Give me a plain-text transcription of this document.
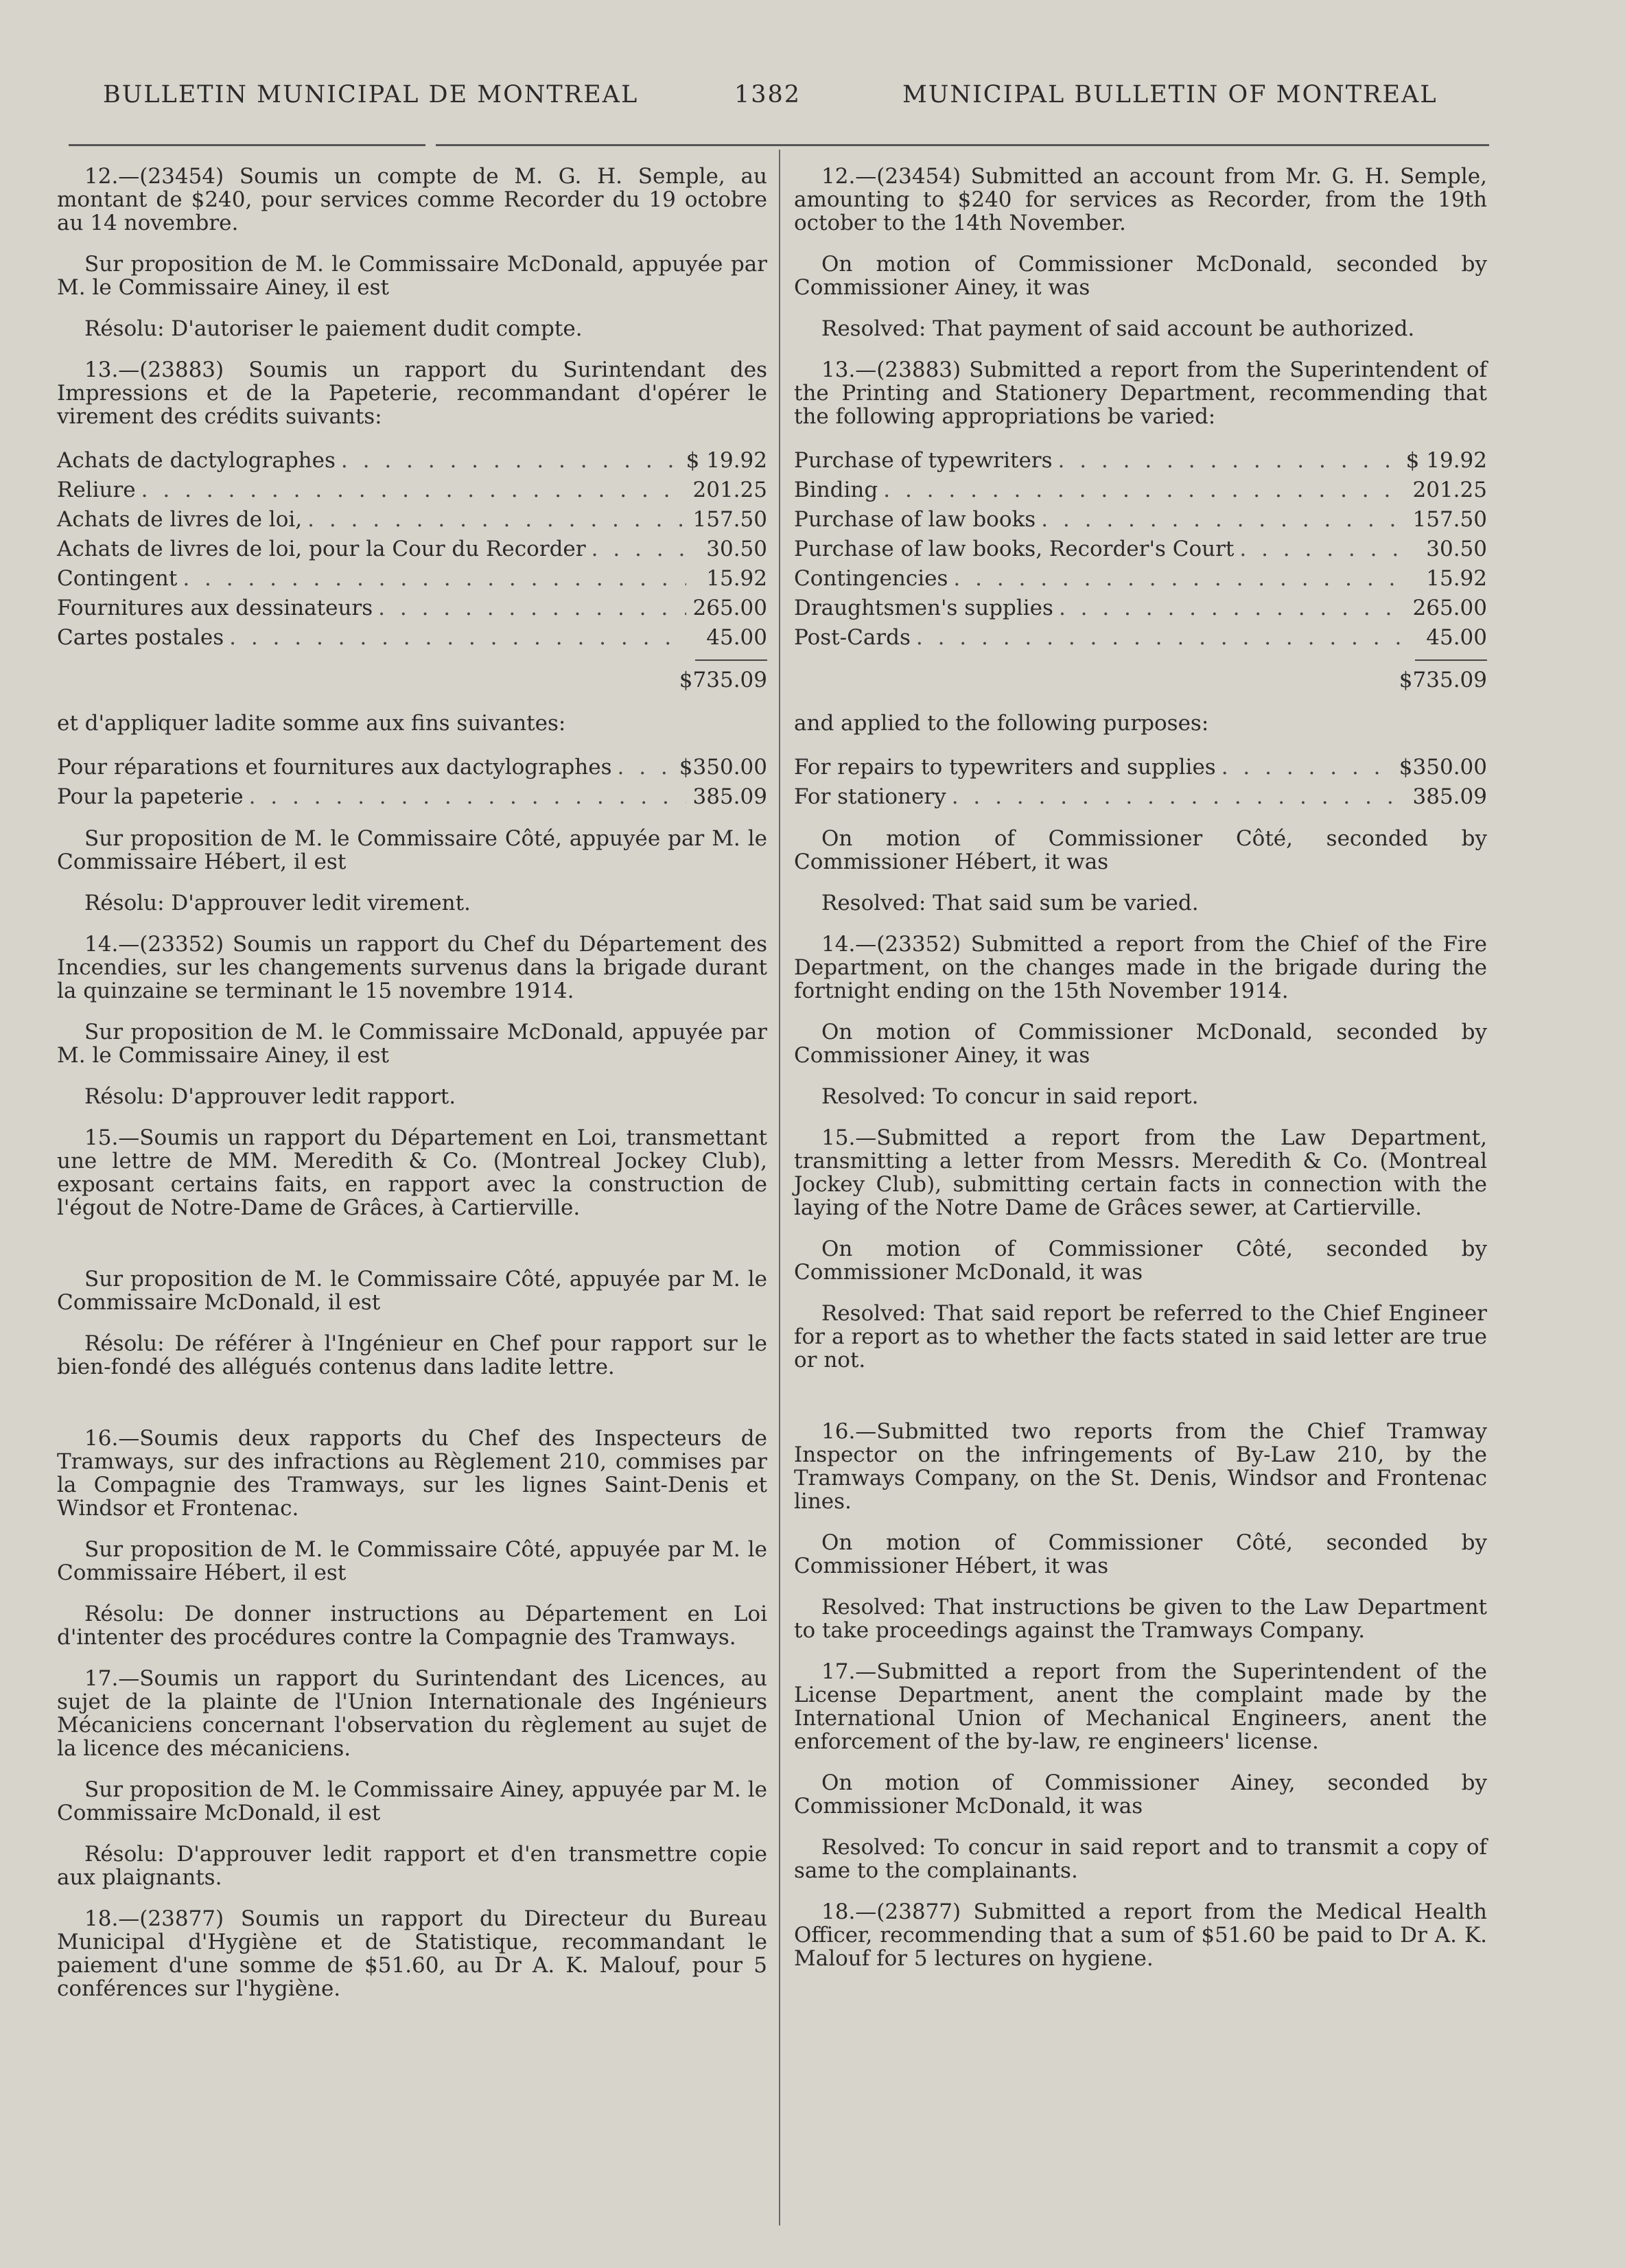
BULLETIN MUNICIPAL DE MONTREAL	1382	MUNICIPAL BULLETIN OF MONTREAL

12.—(23454) Soumis un compte de M. G. H. Semple, au montant de $240, pour services comme Recorder du 19 octobre au 14 novembre.

Sur proposition de M. le Commissaire McDonald, appuyée par M. le Commissaire Ainey, il est

Résolu: D'autoriser le paiement dudit compte.

13.—(23883) Soumis un rapport du Surintendant des Impressions et de la Papeterie, recommandant d'opérer le virement des crédits suivants:

Achats de dactylographes . . .	$ 19.92
Reliure . . .	201.25
Achats de livres de loi, . . .	157.50
Achats de livres de loi, pour la Cour du Recorder . . .	30.50
Contingent . . .	15.92
Fournitures aux dessinateurs . . .	265.00
Cartes postales . . .	45.00
$735.09

et d'appliquer ladite somme aux fins suivantes:

Pour réparations et fournitures aux dactylographes . . .	$350.00
Pour la papeterie . . .	385.09

Sur proposition de M. le Commissaire Côté, appuyée par M. le Commissaire Hébert, il est

Résolu: D'approuver ledit virement.

14.—(23352) Soumis un rapport du Chef du Département des Incendies, sur les changements survenus dans la brigade durant la quinzaine se terminant le 15 novembre 1914.

Sur proposition de M. le Commissaire McDonald, appuyée par M. le Commissaire Ainey, il est

Résolu: D'approuver ledit rapport.

15.—Soumis un rapport du Département en Loi, transmettant une lettre de MM. Meredith & Co. (Montreal Jockey Club), exposant certains faits, en rapport avec la construction de l'égout de Notre-Dame de Grâces, à Cartierville.

Sur proposition de M. le Commissaire Côté, appuyée par M. le Commissaire McDonald, il est

Résolu: De référer à l'Ingénieur en Chef pour rapport sur le bien-fondé des allégués contenus dans ladite lettre.

16.—Soumis deux rapports du Chef des Inspecteurs de Tramways, sur des infractions au Règlement 210, commises par la Compagnie des Tramways, sur les lignes Saint-Denis et Windsor et Frontenac.

Sur proposition de M. le Commissaire Côté, appuyée par M. le Commissaire Hébert, il est

Résolu: De donner instructions au Département en Loi d'intenter des procédures contre la Compagnie des Tramways.

17.—Soumis un rapport du Surintendant des Licences, au sujet de la plainte de l'Union Internationale des Ingénieurs Mécaniciens concernant l'observation du règlement au sujet de la licence des mécaniciens.

Sur proposition de M. le Commissaire Ainey, appuyée par M. le Commissaire McDonald, il est

Résolu: D'approuver ledit rapport et d'en transmettre copie aux plaignants.

18.—(23877) Soumis un rapport du Directeur du Bureau Municipal d'Hygiène et de Statistique, recommandant le paiement d'une somme de $51.60, au Dr A. K. Malouf, pour 5 conférences sur l'hygiène.

12.—(23454) Submitted an account from Mr. G. H. Semple, amounting to $240 for services as Recorder, from the 19th october to the 14th November.

On motion of Commissioner McDonald, seconded by Commissioner Ainey, it was

Resolved: That payment of said account be authorized.

13.—(23883) Submitted a report from the Superintendent of the Printing and Stationery Department, recommending that the following appropriations be varied:

Purchase of typewriters . . .	$ 19.92
Binding . . .	201.25
Purchase of law books . . .	157.50
Purchase of law books, Recorder's Court . . .	30.50
Contingencies . . .	15.92
Draughtsmen's supplies . . .	265.00
Post-Cards . . .	45.00
$735.09

and applied to the following purposes:

For repairs to typewriters and supplies . . .	$350.00
For stationery . . .	385.09

On motion of Commissioner Côté, seconded by Commissioner Hébert, it was

Resolved: That said sum be varied.

14.—(23352) Submitted a report from the Chief of the Fire Department, on the changes made in the brigade during the fortnight ending on the 15th November 1914.

On motion of Commissioner McDonald, seconded by Commissioner Ainey, it was

Resolved: To concur in said report.

15.—Submitted a report from the Law Department, transmitting a letter from Messrs. Meredith & Co. (Montreal Jockey Club), submitting certain facts in connection with the laying of the Notre Dame de Grâces sewer, at Cartierville.

On motion of Commissioner Côté, seconded by Commissioner McDonald, it was

Resolved: That said report be referred to the Chief Engineer for a report as to whether the facts stated in said letter are true or not.

16.—Submitted two reports from the Chief Tramway Inspector on the infringements of By-Law 210, by the Tramways Company, on the St. Denis, Windsor and Frontenac lines.

On motion of Commissioner Côté, seconded by Commissioner Hébert, it was

Resolved: That instructions be given to the Law Department to take proceedings against the Tramways Company.

17.—Submitted a report from the Superintendent of the License Department, anent the complaint made by the International Union of Mechanical Engineers, anent the enforcement of the by-law, re engineers' license.

On motion of Commissioner Ainey, seconded by Commissioner McDonald, it was

Resolved: To concur in said report and to transmit a copy of same to the complainants.

18.—(23877) Submitted a report from the Medical Health Officer, recommending that a sum of $51.60 be paid to Dr A. K. Malouf for 5 lectures on hygiene.
